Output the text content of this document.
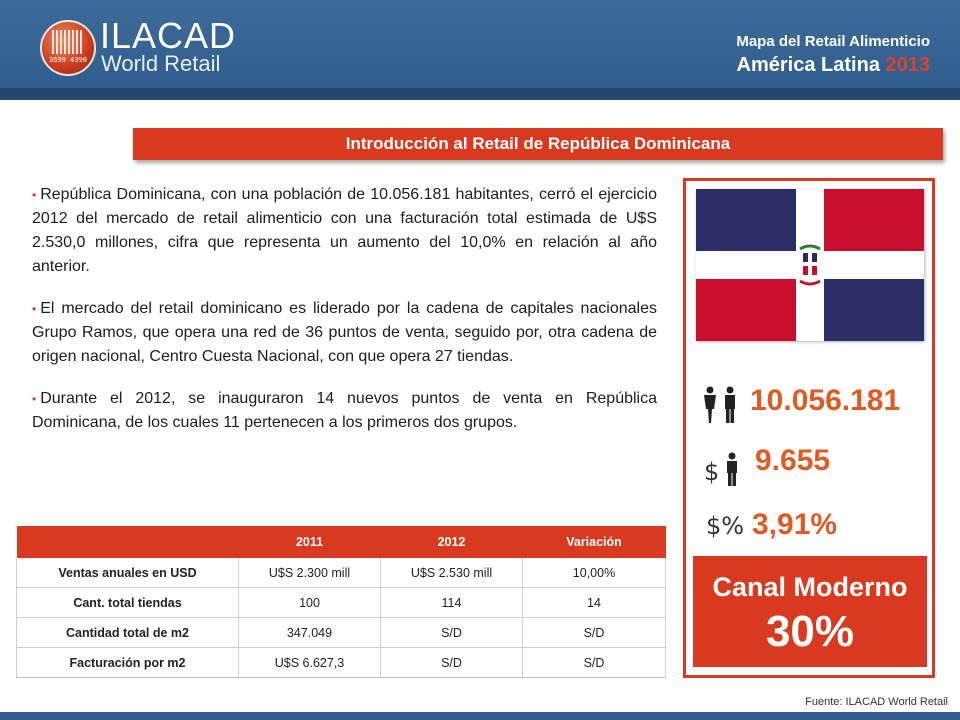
3699 4390
ILACAD
World Retail
Mapa del Retail Alimenticio
América Latina 2013
Introducción al Retail de República Dominicana

• República Dominicana, con una población de 10.056.181 habitantes, cerró el ejercicio 2012 del mercado de retail alimenticio con una facturación total estimada de U$S 2.530,0 millones, cifra que representa un aumento del 10,0% en relación al año anterior.

• El mercado del retail dominicano es liderado por la cadena de capitales nacionales Grupo Ramos, que opera una red de 36 puntos de venta, seguido por, otra cadena de origen nacional, Centro Cuesta Nacional, con que opera 27 tiendas.

• Durante el 2012, se inauguraron 14 nuevos puntos de venta en República Dominicana, de los cuales 11 pertenecen a los primeros dos grupos.

	2011	2012	Variación
Ventas anuales en USD	U$S 2.300 mill	U$S 2.530 mill	10,00%
Cant. total tiendas	100	114	14
Cantidad total de m2	347.049	S/D	S/D
Facturación por m2	U$S 6.627,3	S/D	S/D
10.056.181
$	9.655
$% 3,91%
Canal Moderno
30%
Fuente: ILACAD World Retail
